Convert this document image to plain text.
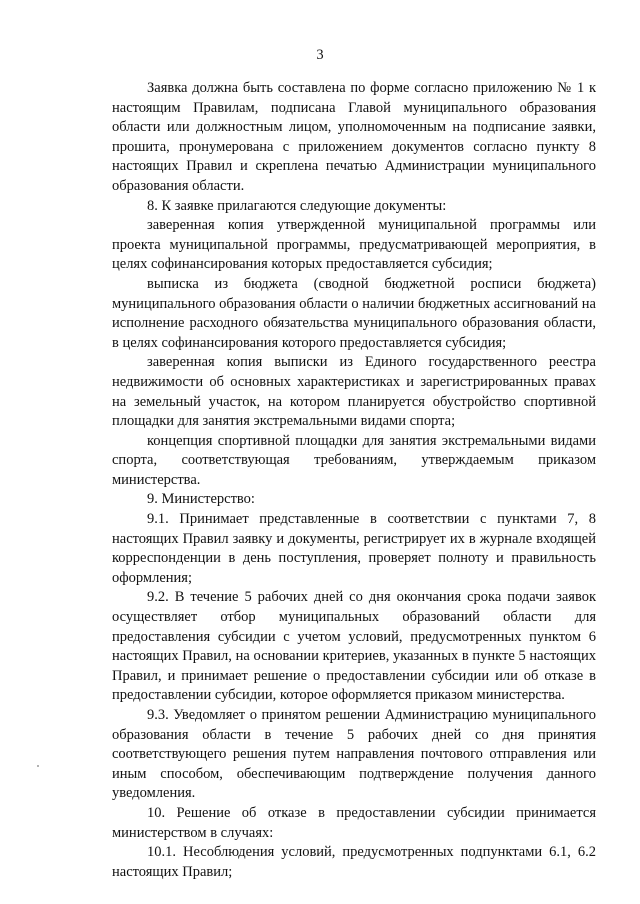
3

Заявка должна быть составлена по форме согласно приложению № 1 к настоящим Правилам, подписана Главой муниципального образования области или должностным лицом, уполномоченным на подписание заявки, прошита, пронумерована с приложением документов согласно пункту 8 настоящих Правил и скреплена печатью Администрации муниципального образования области.

8. К заявке прилагаются следующие документы:

заверенная копия утвержденной муниципальной программы или проекта муниципальной программы, предусматривающей мероприятия, в целях софинансирования которых предоставляется субсидия;

выписка из бюджета (сводной бюджетной росписи бюджета) муниципального образования области о наличии бюджетных ассигнований на исполнение расходного обязательства муниципального образования области, в целях софинансирования которого предоставляется субсидия;

заверенная копия выписки из Единого государственного реестра недвижимости об основных характеристиках и зарегистрированных правах на земельный участок, на котором планируется обустройство спортивной площадки для занятия экстремальными видами спорта;

концепция спортивной площадки для занятия экстремальными видами спорта, соответствующая требованиям, утверждаемым приказом министерства.

9. Министерство:

9.1. Принимает представленные в соответствии с пунктами 7, 8 настоящих Правил заявку и документы, регистрирует их в журнале входящей корреспонденции в день поступления, проверяет полноту и правильность оформления;

9.2. В течение 5 рабочих дней со дня окончания срока подачи заявок осуществляет отбор муниципальных образований области для предоставления субсидии с учетом условий, предусмотренных пунктом 6 настоящих Правил, на основании критериев, указанных в пункте 5 настоящих Правил, и принимает решение о предоставлении субсидии или об отказе в предоставлении субсидии, которое оформляется приказом министерства.

9.3. Уведомляет о принятом решении Администрацию муниципального образования области в течение 5 рабочих дней со дня принятия соответствующего решения путем направления почтового отправления или иным способом, обеспечивающим подтверждение получения данного уведомления.

10. Решение об отказе в предоставлении субсидии принимается министерством в случаях:

10.1. Несоблюдения условий, предусмотренных подпунктами 6.1, 6.2 настоящих Правил;
